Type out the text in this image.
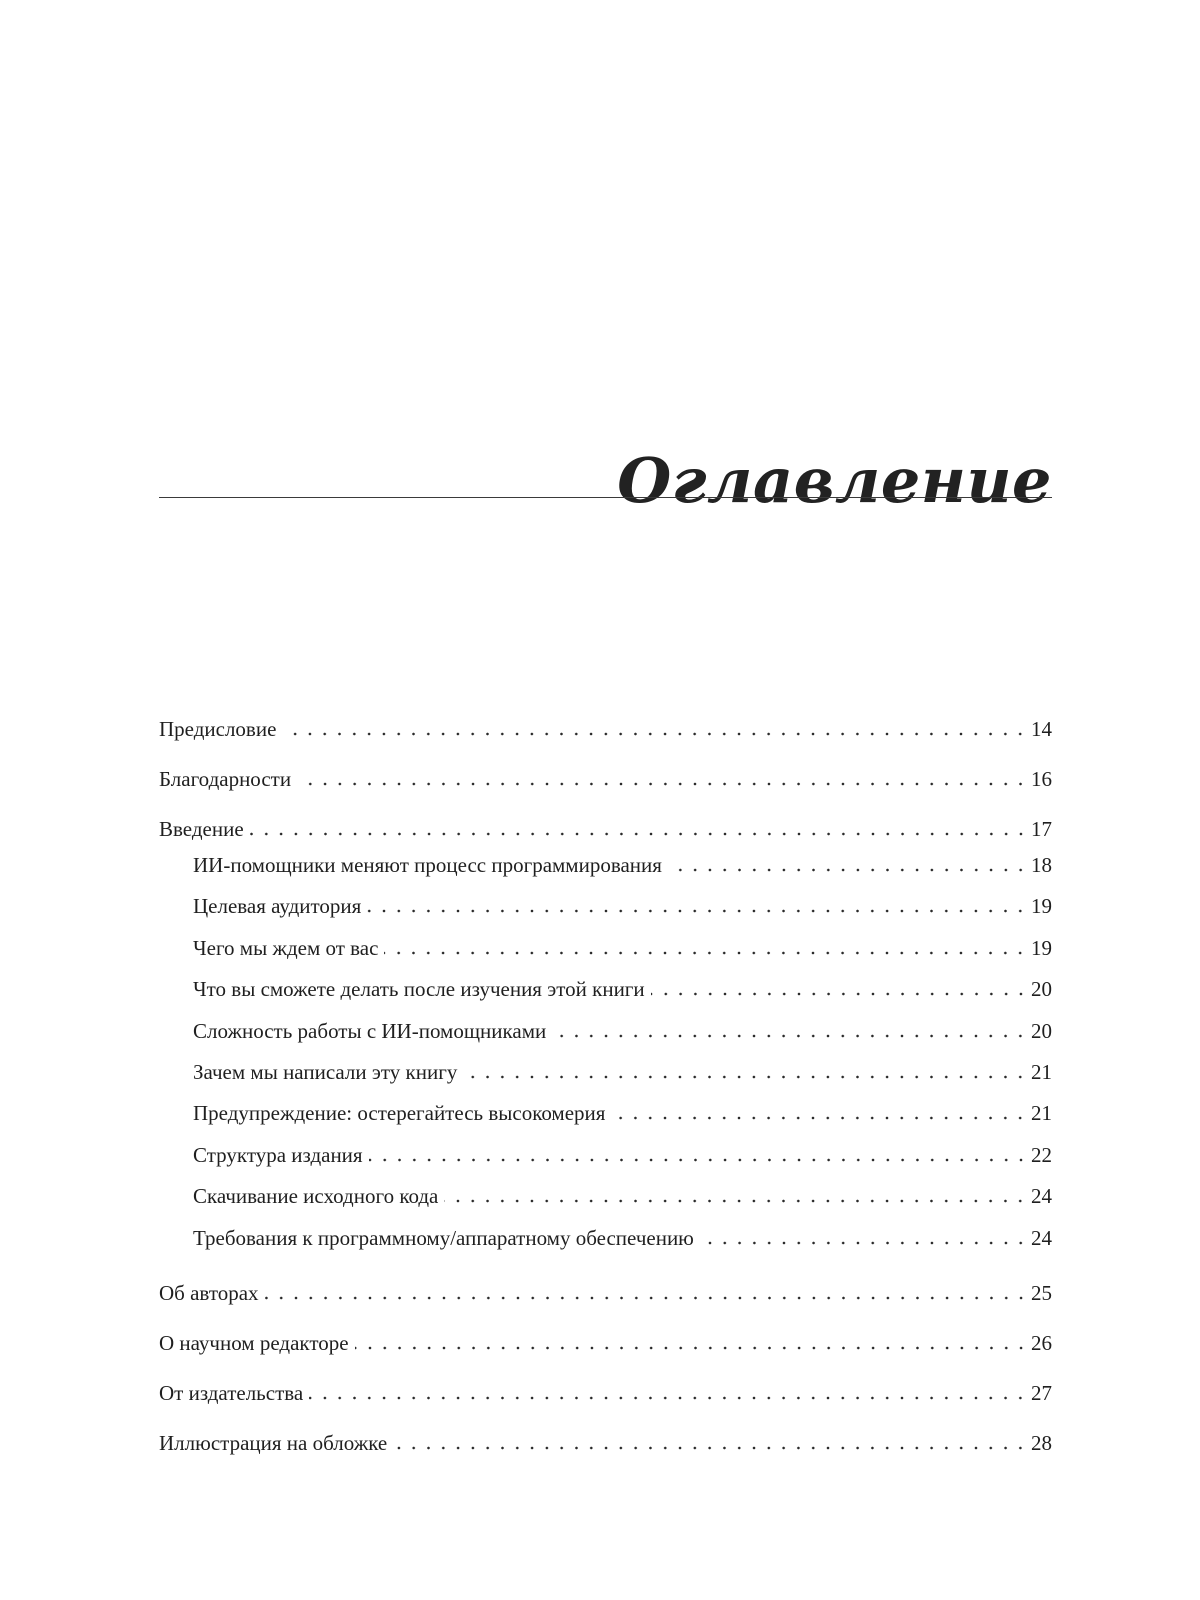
Оглавление
Предисловие	14
Благодарности	16
Введение	17
ИИ-помощники меняют процесс программирования	18
Целевая аудитория	19
Чего мы ждем от вас	19
Что вы сможете делать после изучения этой книги	20
Сложность работы с ИИ-помощниками	20
Зачем мы написали эту книгу	21
Предупреждение: остерегайтесь высокомерия	21
Структура издания	22
Скачивание исходного кода	24
Требования к программному/аппаратному обеспечению	24
Об авторах	25
О научном редакторе	26
От издательства	27
Иллюстрация на обложке	28
